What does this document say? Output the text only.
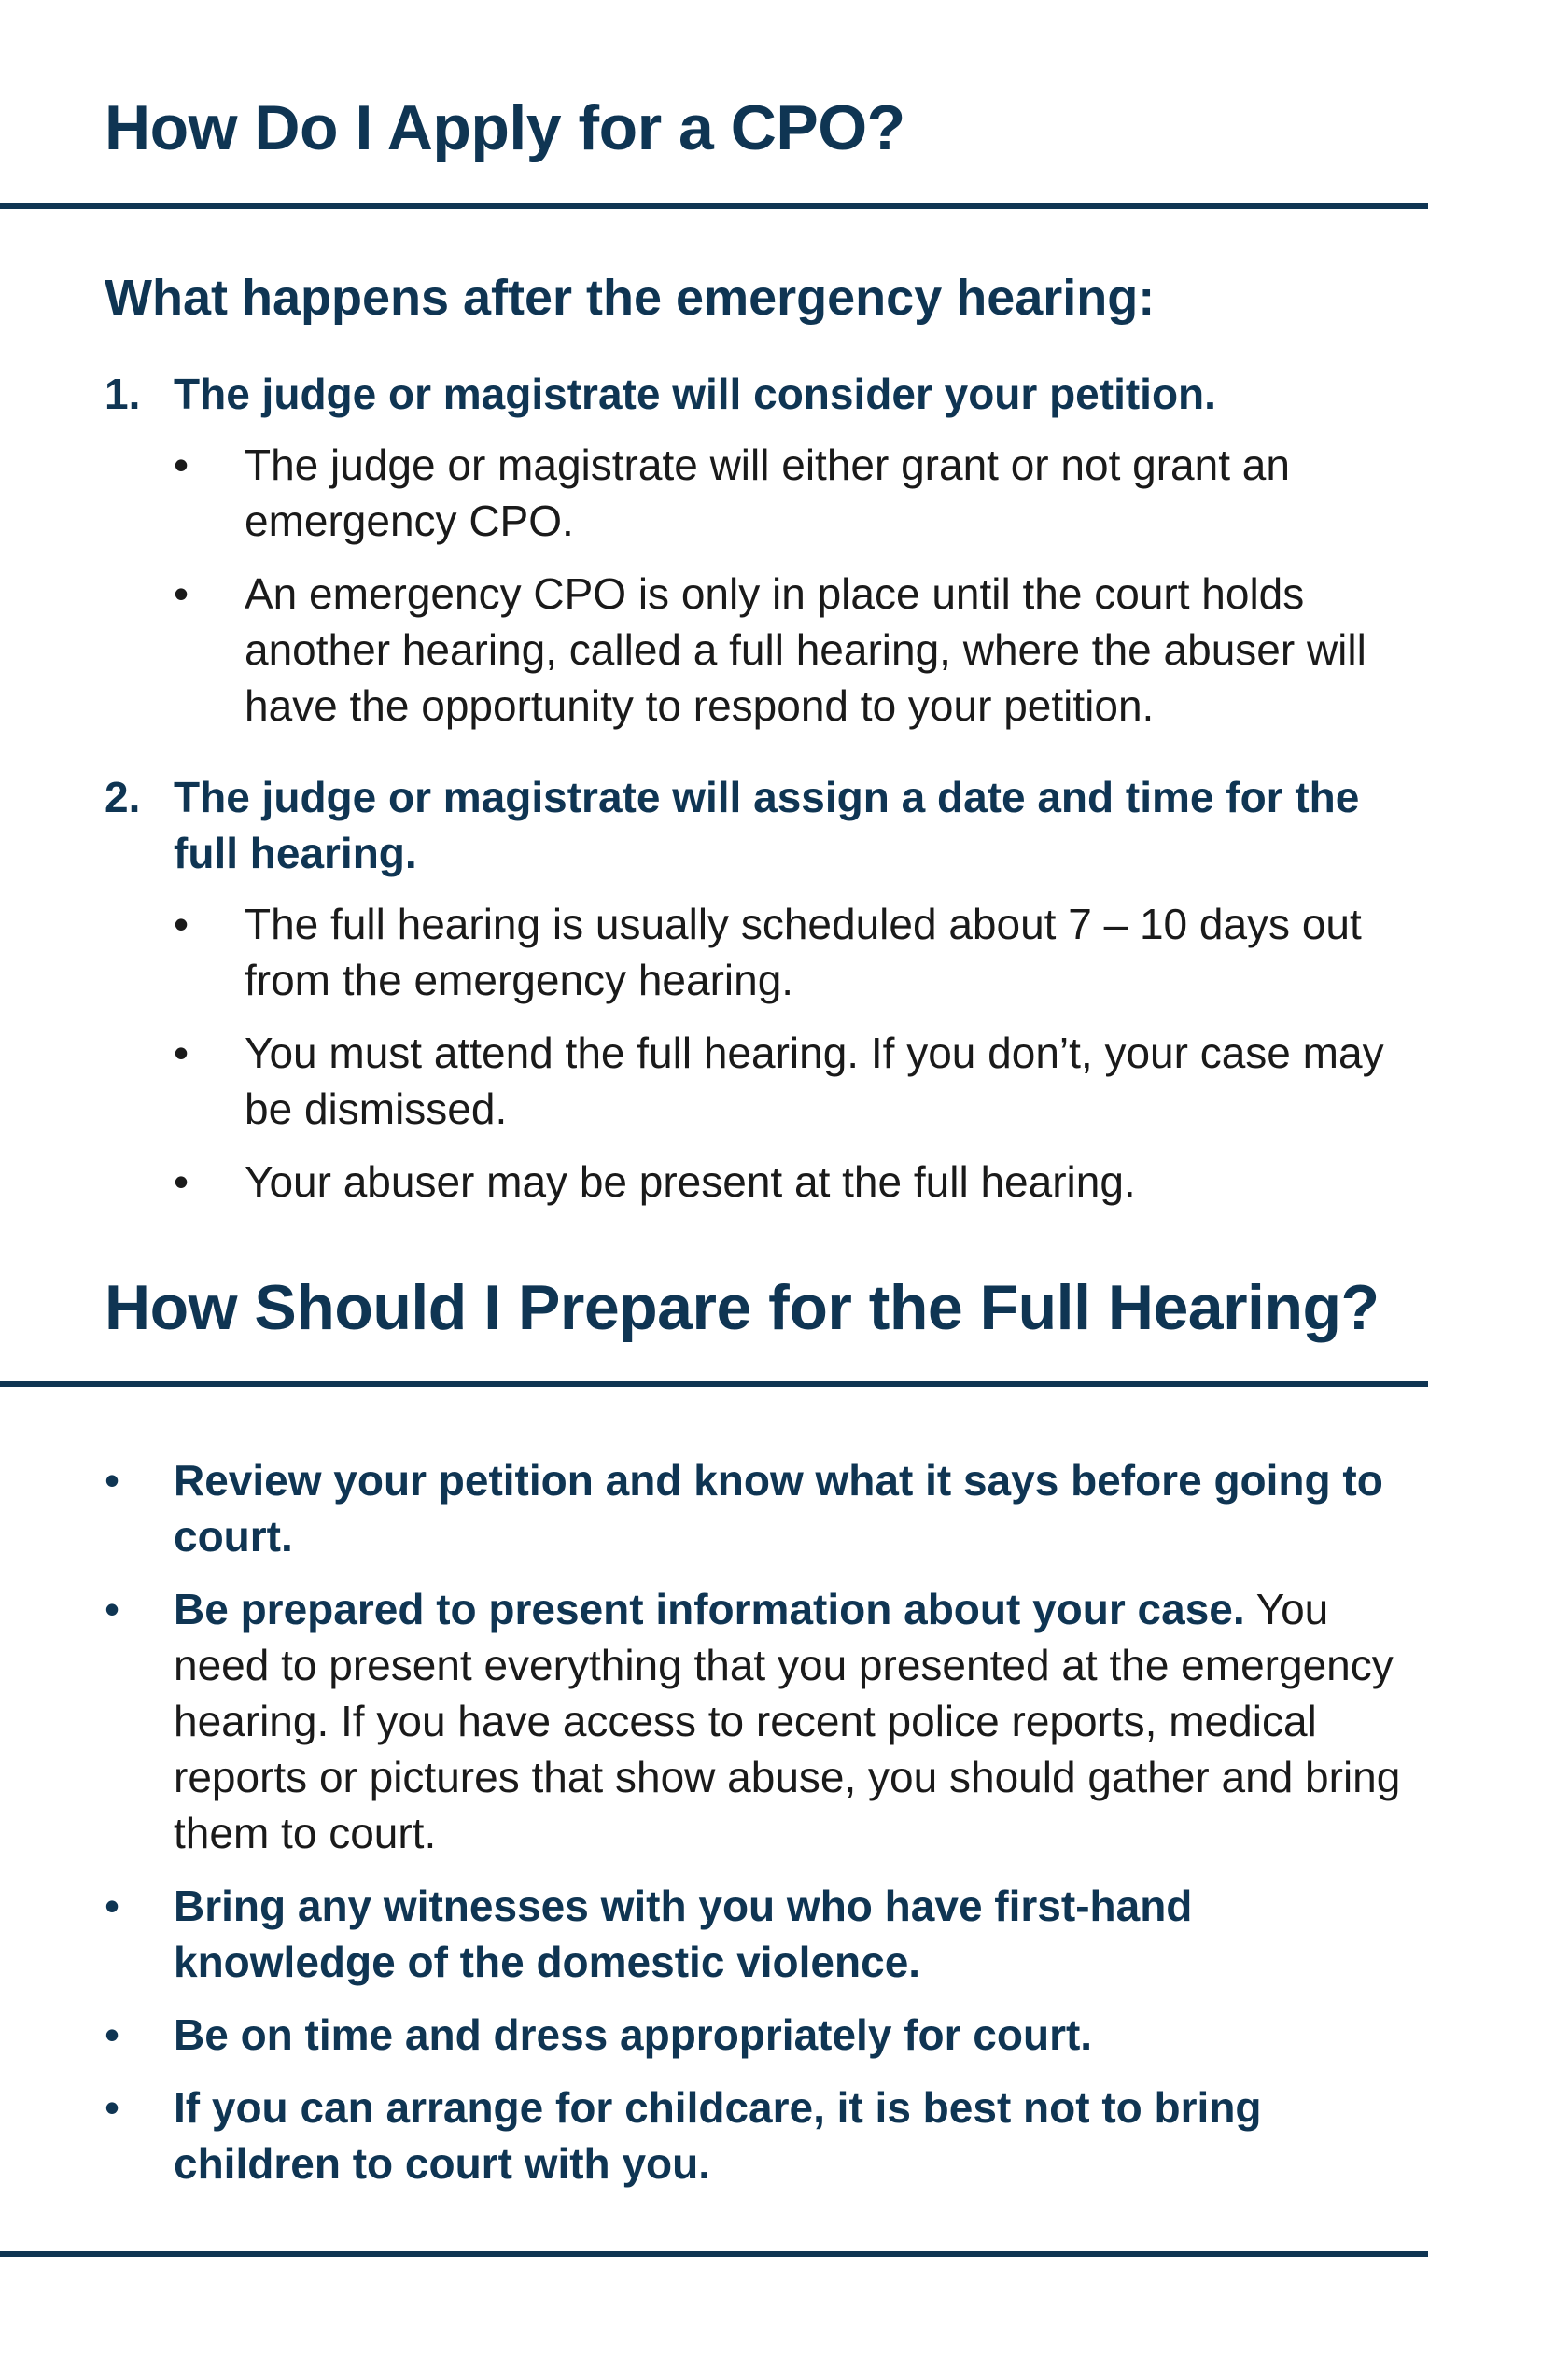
How Do I Apply for a CPO?
What happens after the emergency hearing:
1. The judge or magistrate will consider your petition.
• The judge or magistrate will either grant or not grant an emergency CPO.
• An emergency CPO is only in place until the court holds another hearing, called a full hearing, where the abuser will have the opportunity to respond to your petition.
2. The judge or magistrate will assign a date and time for the full hearing.
• The full hearing is usually scheduled about 7 – 10 days out from the emergency hearing.
• You must attend the full hearing. If you don’t, your case may be dismissed.
• Your abuser may be present at the full hearing.
How Should I Prepare for the Full Hearing?
• Review your petition and know what it says before going to court.
• Be prepared to present information about your case. You need to present everything that you presented at the emergency hearing. If you have access to recent police reports, medical reports or pictures that show abuse, you should gather and bring them to court.
• Bring any witnesses with you who have first-hand knowledge of the domestic violence.
• Be on time and dress appropriately for court.
• If you can arrange for childcare, it is best not to bring children to court with you.
